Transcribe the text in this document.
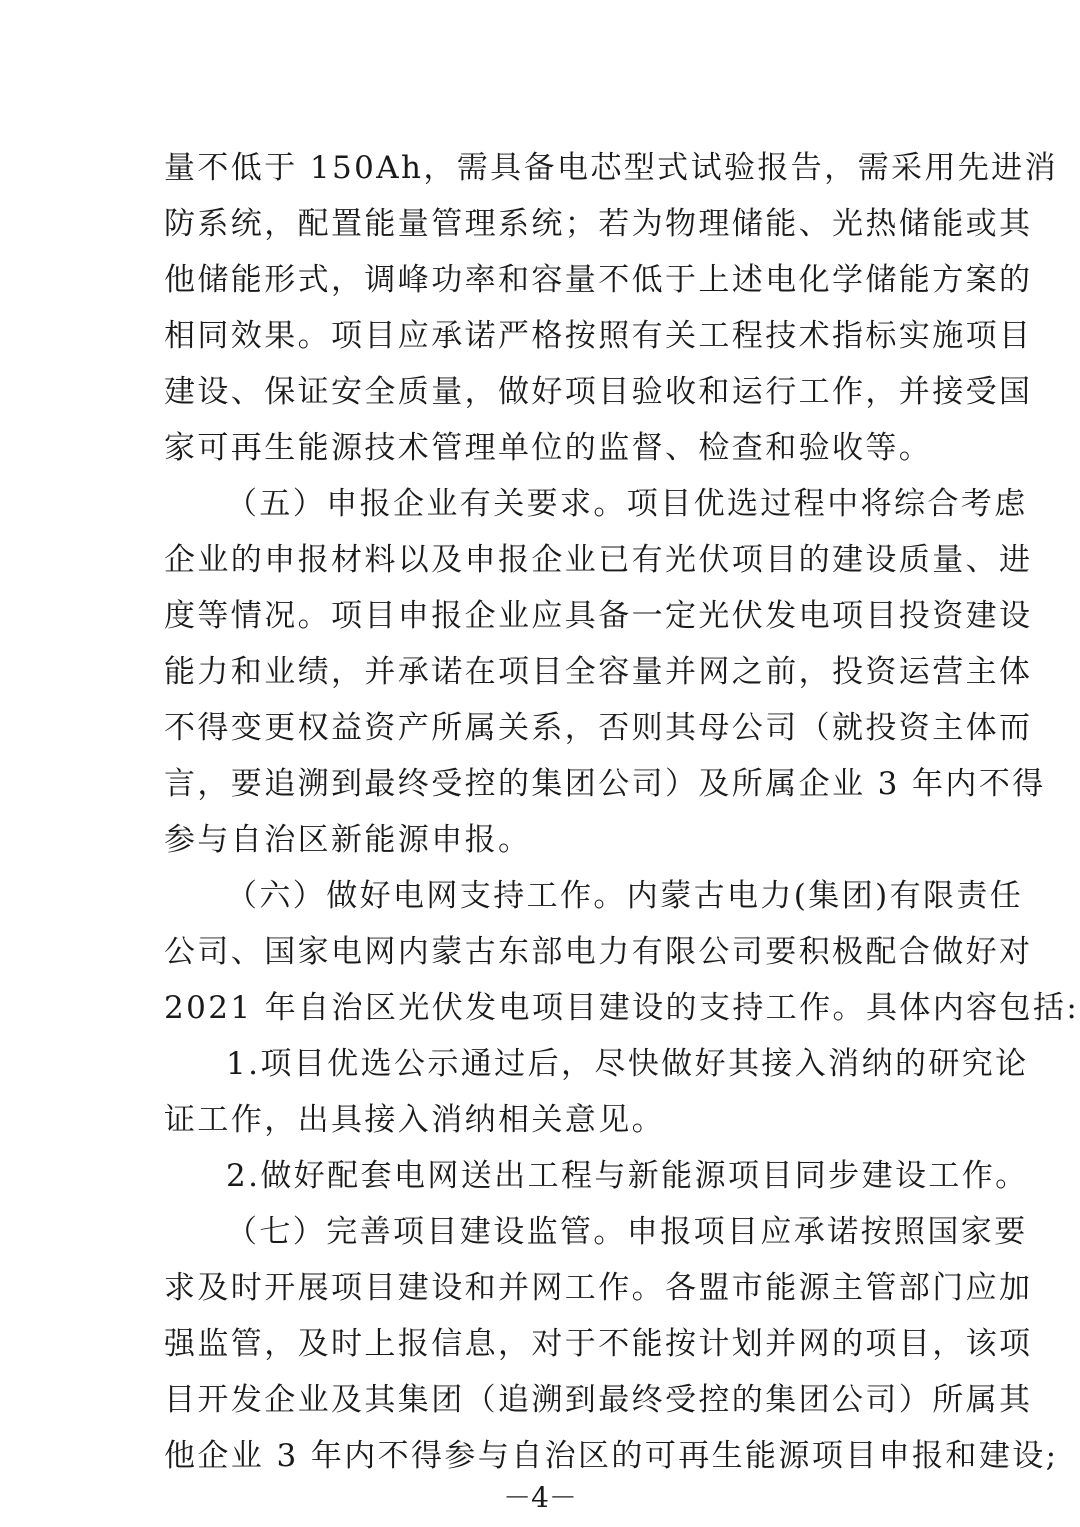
量不低于 150Ah，需具备电芯型式试验报告，需采用先进消
防系统，配置能量管理系统；若为物理储能、光热储能或其
他储能形式，调峰功率和容量不低于上述电化学储能方案的
相同效果。项目应承诺严格按照有关工程技术指标实施项目
建设、保证安全质量，做好项目验收和运行工作，并接受国
家可再生能源技术管理单位的监督、检查和验收等。
（五）申报企业有关要求。项目优选过程中将综合考虑
企业的申报材料以及申报企业已有光伏项目的建设质量、进
度等情况。项目申报企业应具备一定光伏发电项目投资建设
能力和业绩，并承诺在项目全容量并网之前，投资运营主体
不得变更权益资产所属关系，否则其母公司（就投资主体而
言，要追溯到最终受控的集团公司）及所属企业 3 年内不得
参与自治区新能源申报。
（六）做好电网支持工作。内蒙古电力(集团)有限责任
公司、国家电网内蒙古东部电力有限公司要积极配合做好对
2021 年自治区光伏发电项目建设的支持工作。具体内容包括:
1.项目优选公示通过后，尽快做好其接入消纳的研究论
证工作，出具接入消纳相关意见。
2.做好配套电网送出工程与新能源项目同步建设工作。
（七）完善项目建设监管。申报项目应承诺按照国家要
求及时开展项目建设和并网工作。各盟市能源主管部门应加
强监管，及时上报信息，对于不能按计划并网的项目，该项
目开发企业及其集团（追溯到最终受控的集团公司）所属其
他企业 3 年内不得参与自治区的可再生能源项目申报和建设;
－4－
